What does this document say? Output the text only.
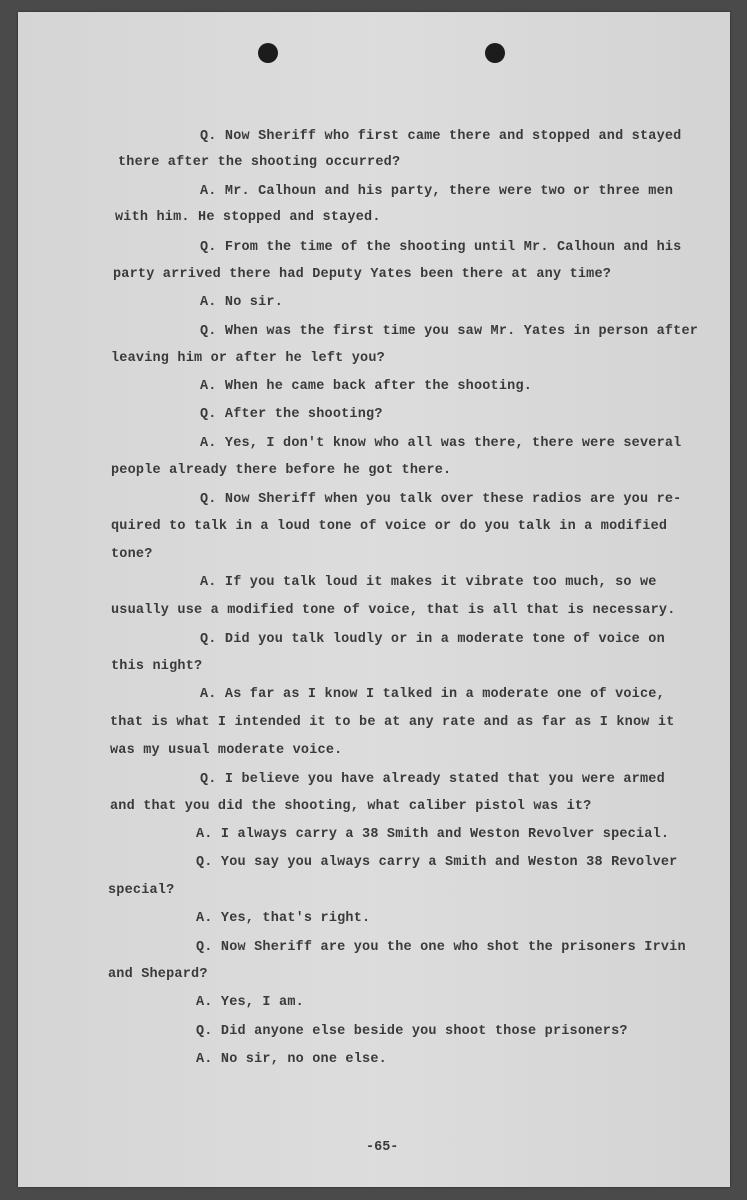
Q. Now Sheriff who first came there and stopped and stayed
there after the shooting occurred?
A. Mr. Calhoun and his party, there were two or three men
with him. He stopped and stayed.
Q. From the time of the shooting until Mr. Calhoun and his
party arrived there had Deputy Yates been there at any time?
A. No sir.
Q. When was the first time you saw Mr. Yates in person after
leaving him or after he left you?
A. When he came back after the shooting.
Q. After the shooting?
A. Yes, I don't know who all was there, there were several
people already there before he got there.
Q. Now Sheriff when you talk over these radios are you re-
quired to talk in a loud tone of voice or do you talk in a modified
tone?
A. If you talk loud it makes it vibrate too much, so we
usually use a modified tone of voice, that is all that is necessary.
Q. Did you talk loudly or in a moderate tone of voice on
this night?
A. As far as I know I talked in a moderate one of voice,
that is what I intended it to be at any rate and as far as I know it
was my usual moderate voice.
Q. I believe you have already stated that you were armed
and that you did the shooting, what caliber pistol was it?
A. I always carry a 38 Smith and Weston Revolver special.
Q. You say you always carry a Smith and Weston 38 Revolver
special?
A. Yes, that's right.
Q. Now Sheriff are you the one who shot the prisoners Irvin
and Shepard?
A. Yes, I am.
Q. Did anyone else beside you shoot those prisoners?
A. No sir, no one else.
-65-
